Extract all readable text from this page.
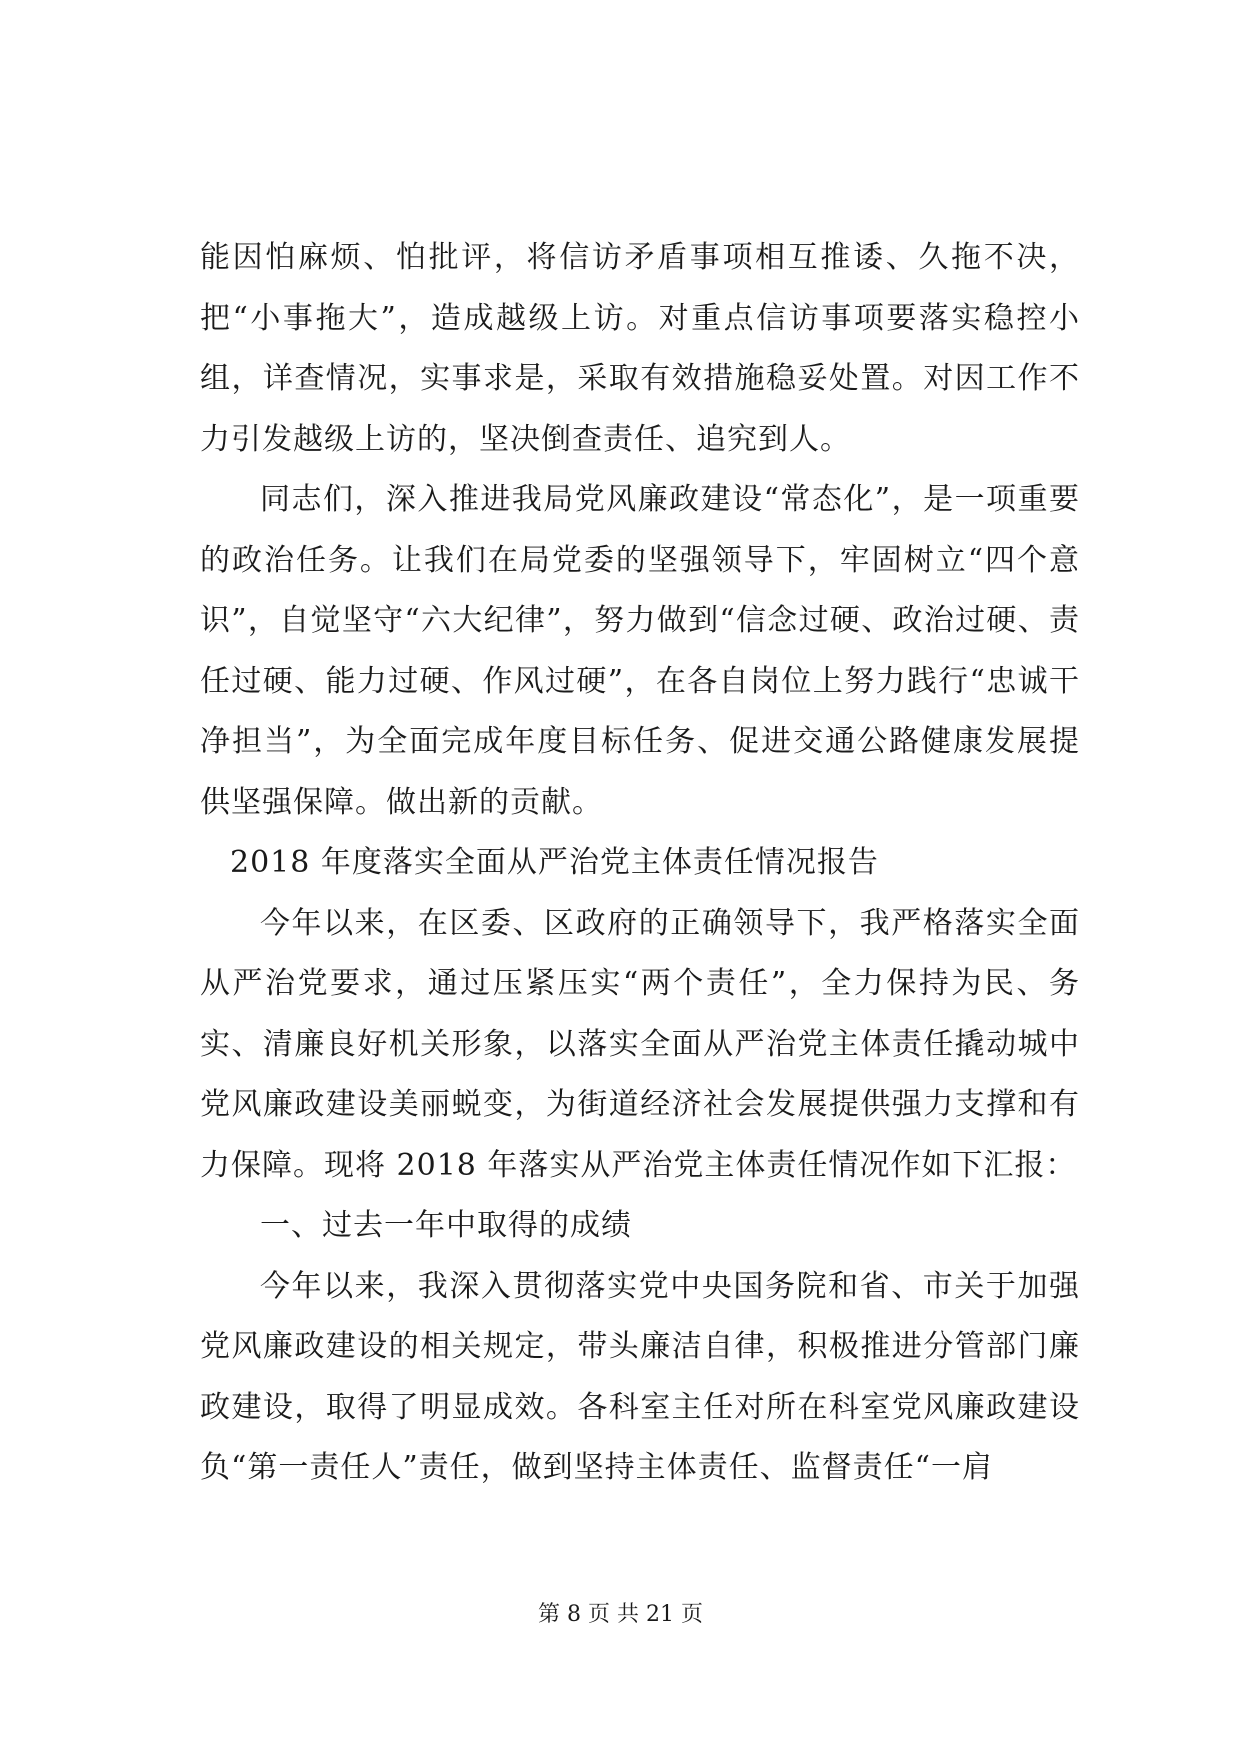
能因怕麻烦、怕批评，将信访矛盾事项相互推诿、久拖不决，把“小事拖大”，造成越级上访。对重点信访事项要落实稳控小组，详查情况，实事求是，采取有效措施稳妥处置。对因工作不力引发越级上访的，坚决倒查责任、追究到人。

同志们，深入推进我局党风廉政建设“常态化”，是一项重要的政治任务。让我们在局党委的坚强领导下，牢固树立“四个意识”，自觉坚守“六大纪律”，努力做到“信念过硬、政治过硬、责任过硬、能力过硬、作风过硬”，在各自岗位上努力践行“忠诚干净担当”，为全面完成年度目标任务、促进交通公路健康发展提供坚强保障。做出新的贡献。

2018 年度落实全面从严治党主体责任情况报告

今年以来，在区委、区政府的正确领导下，我严格落实全面从严治党要求，通过压紧压实“两个责任”，全力保持为民、务实、清廉良好机关形象，以落实全面从严治党主体责任撬动城中党风廉政建设美丽蜕变，为街道经济社会发展提供强力支撑和有力保障。现将 2018 年落实从严治党主体责任情况作如下汇报：

一、过去一年中取得的成绩

今年以来，我深入贯彻落实党中央国务院和省、市关于加强党风廉政建设的相关规定，带头廉洁自律，积极推进分管部门廉政建设，取得了明显成效。各科室主任对所在科室党风廉政建设负“第一责任人”责任，做到坚持主体责任、监督责任“一肩

第 8 页 共 21 页
